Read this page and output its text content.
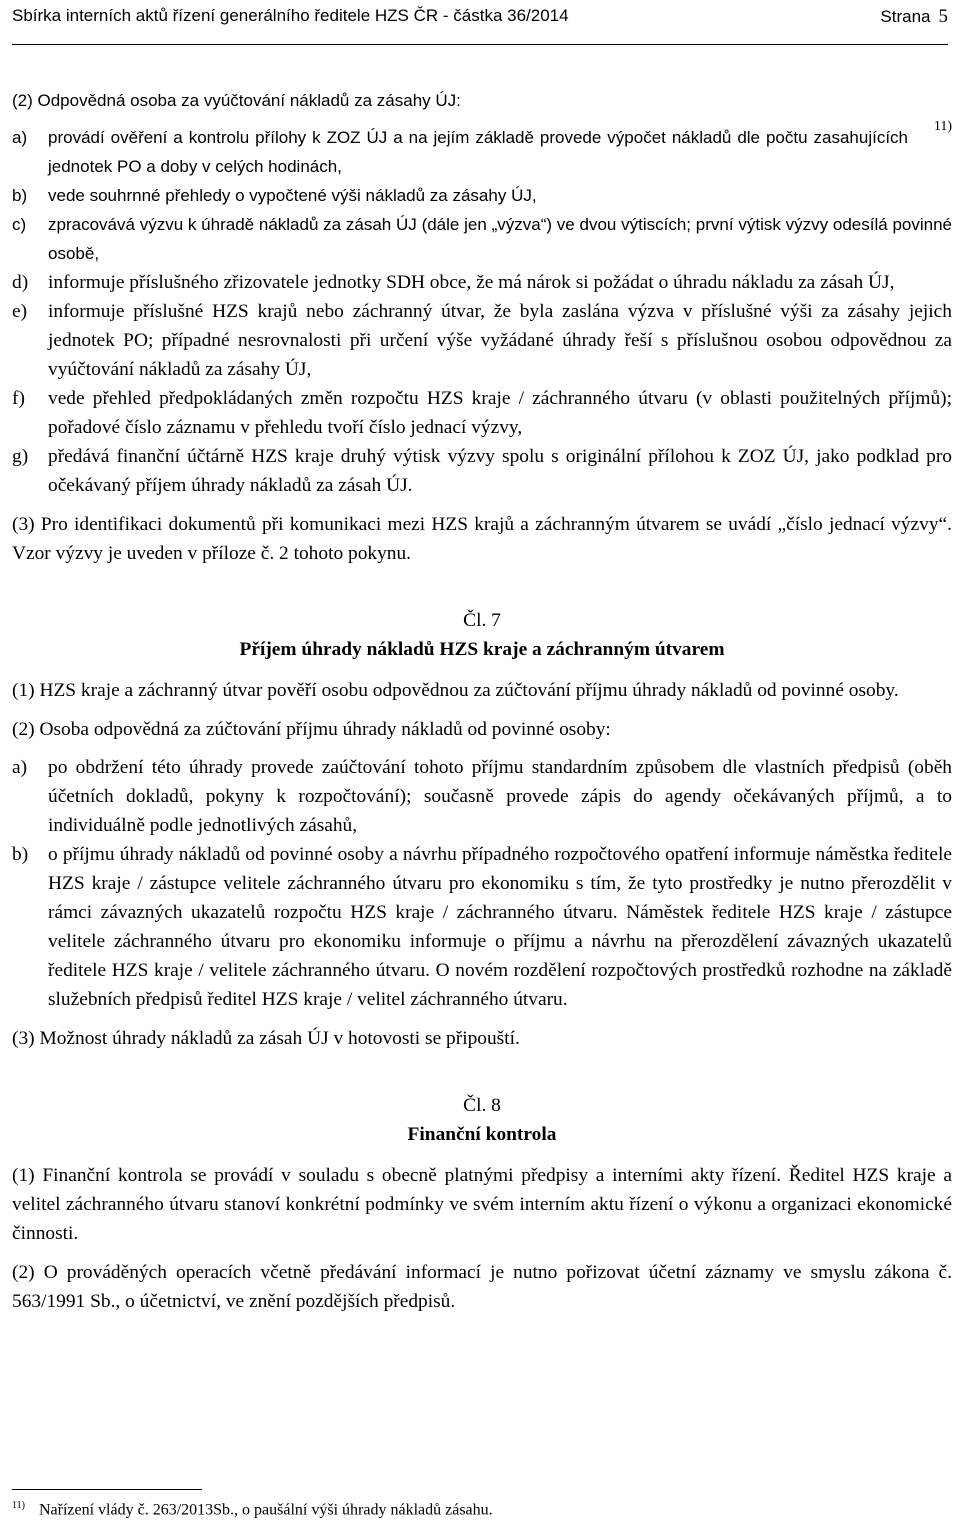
Sbírka interních aktů řízení generálního ředitele HZS ČR - částka 36/2014	Strana 5

(2) Odpovědná osoba za vyúčtování nákladů za zásahy ÚJ:

a)	provádí ověření a kontrolu přílohy k ZOZ ÚJ a na jejím základě provede výpočet nákladů dle počtu zasahujících jednotek PO a doby v celých hodinách,
11)
b)	vede souhrnné přehledy o vypočtené výši nákladů za zásahy ÚJ,
c)	zpracovává výzvu k úhradě nákladů za zásah ÚJ (dále jen „výzva“) ve dvou výtiscích; první výtisk výzvy odesílá povinné osobě,
d)	informuje příslušného zřizovatele jednotky SDH obce, že má nárok si požádat o úhradu nákladu za zásah ÚJ,
e)	informuje příslušné HZS krajů nebo záchranný útvar, že byla zaslána výzva v příslušné výši za zásahy jejich jednotek PO; případné nesrovnalosti při určení výše vyžádané úhrady řeší s příslušnou osobou odpovědnou za vyúčtování nákladů za zásahy ÚJ,
f)	vede přehled předpokládaných změn rozpočtu HZS kraje / záchranného útvaru (v oblasti použitelných příjmů); pořadové číslo záznamu v přehledu tvoří číslo jednací výzvy,
g)	předává finanční účtárně HZS kraje druhý výtisk výzvy spolu s originální přílohou k ZOZ ÚJ, jako podklad pro očekávaný příjem úhrady nákladů za zásah ÚJ.

(3) Pro identifikaci dokumentů při komunikaci mezi HZS krajů a záchranným útvarem se uvádí „číslo jednací výzvy“. Vzor výzvy je uveden v příloze č. 2 tohoto pokynu.

Čl. 7

Příjem úhrady nákladů HZS kraje a záchranným útvarem

(1) HZS kraje a záchranný útvar pověří osobu odpovědnou za zúčtování příjmu úhrady nákladů od povinné osoby.

(2) Osoba odpovědná za zúčtování příjmu úhrady nákladů od povinné osoby:

a)	po obdržení této úhrady provede zaúčtování tohoto příjmu standardním způsobem dle vlastních předpisů (oběh účetních dokladů, pokyny k rozpočtování); současně provede zápis do agendy očekávaných příjmů, a to individuálně podle jednotlivých zásahů,
b)	o příjmu úhrady nákladů od povinné osoby a návrhu případného rozpočtového opatření informuje náměstka ředitele HZS kraje / zástupce velitele záchranného útvaru pro ekonomiku s tím, že tyto prostředky je nutno přerozdělit v rámci závazných ukazatelů rozpočtu HZS kraje / záchranného útvaru. Náměstek ředitele HZS kraje / zástupce velitele záchranného útvaru pro ekonomiku informuje o příjmu a návrhu na přerozdělení závazných ukazatelů ředitele HZS kraje / velitele záchranného útvaru. O novém rozdělení rozpočtových prostředků rozhodne na základě služebních předpisů ředitel HZS kraje / velitel záchranného útvaru.

(3) Možnost úhrady nákladů za zásah ÚJ v hotovosti se připouští.

Čl. 8

Finanční kontrola

(1) Finanční kontrola se provádí v souladu s obecně platnými předpisy a interními akty řízení. Ředitel HZS kraje a velitel záchranného útvaru stanoví konkrétní podmínky ve svém interním aktu řízení o výkonu a organizaci ekonomické činnosti.

(2) O prováděných operacích včetně předávání informací je nutno pořizovat účetní záznamy ve smyslu zákona č. 563/1991 Sb., o účetnictví, ve znění pozdějších předpisů.

$^{11)}$ Nařízení vlády č. 263/2013Sb., o paušální výši úhrady nákladů zásahu.
